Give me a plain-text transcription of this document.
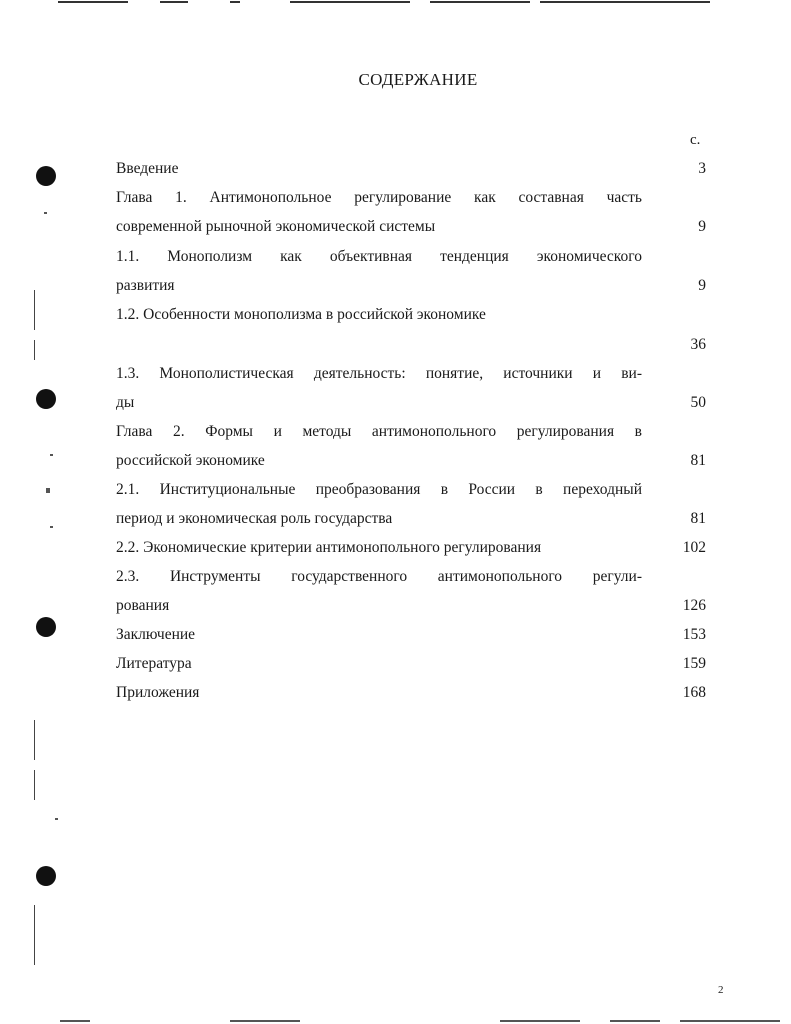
СОДЕРЖАНИЕ
с.
Введение	3
Глава 1. Антимонопольное регулирование как составная часть
современной рыночной экономической системы	9
1.1. Монополизм как объективная тенденция экономического
развития	9
1.2. Особенности монополизма в российской экономике
36
1.3. Монополистическая деятельность: понятие, источники и ви-
ды	50
Глава 2. Формы и методы антимонопольного регулирования в
российской экономике	81
2.1. Институциональные преобразования в России в переходный
период и экономическая роль государства	81
2.2. Экономические критерии антимонопольного регулирования	102
2.3. Инструменты государственного антимонопольного регули-
рования	126
Заключение	153
Литература	159
Приложения	168
2
